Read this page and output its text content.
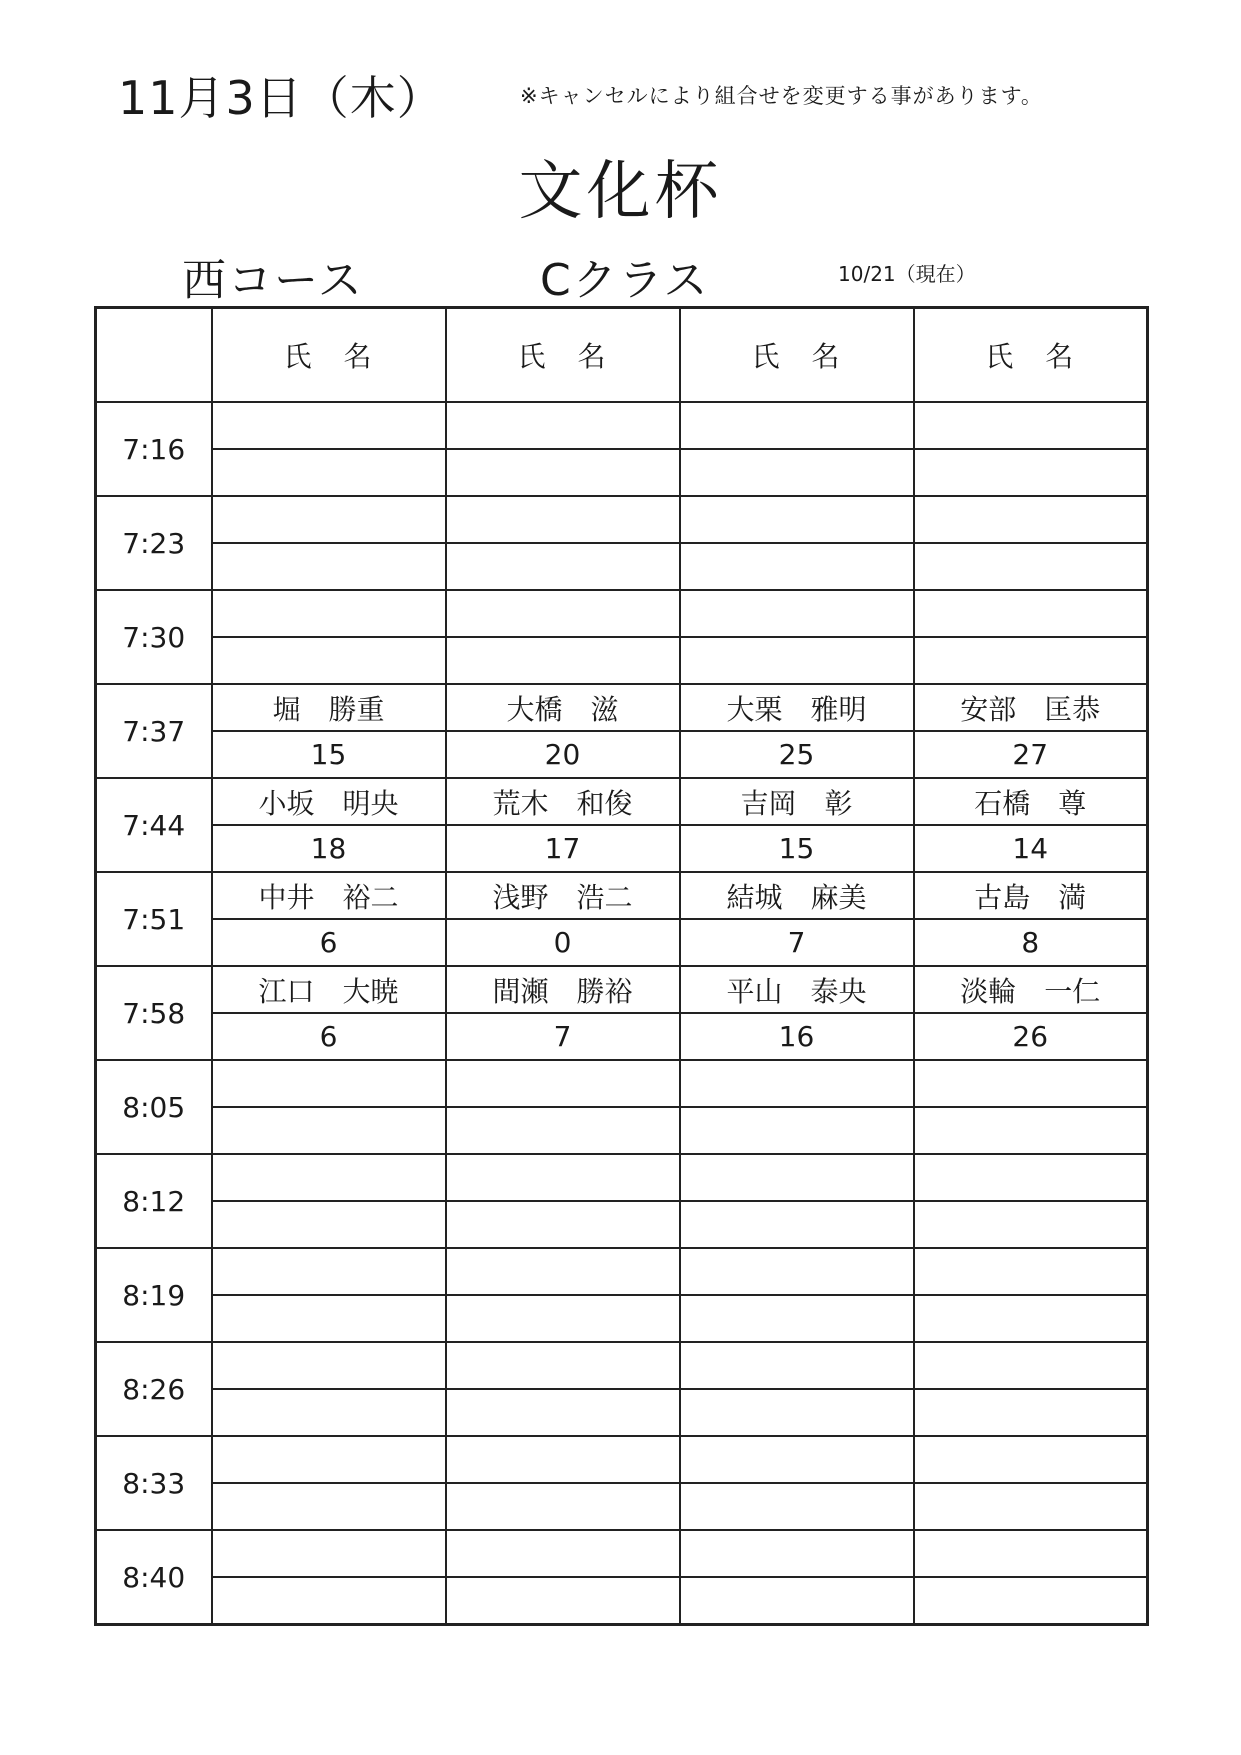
11月3日（木）	※キャンセルにより組合せを変更する事があります。
文化杯
西コース	Cクラス	10/21（現在）
	氏　名	氏　名	氏　名	氏　名
7:16				

7:23				

7:30				

7:37	堀　勝重	大橋　滋	大栗　雅明	安部　匡恭
	15	20	25	27
7:44	小坂　明央	荒木　和俊	吉岡　彰	石橋　尊
	18	17	15	14
7:51	中井　裕二	浅野　浩二	結城　麻美	古島　満
	6	0	7	8
7:58	江口　大暁	間瀬　勝裕	平山　泰央	淡輪　一仁
	6	7	16	26
8:05				

8:12				

8:19				

8:26				

8:33				

8:40				
